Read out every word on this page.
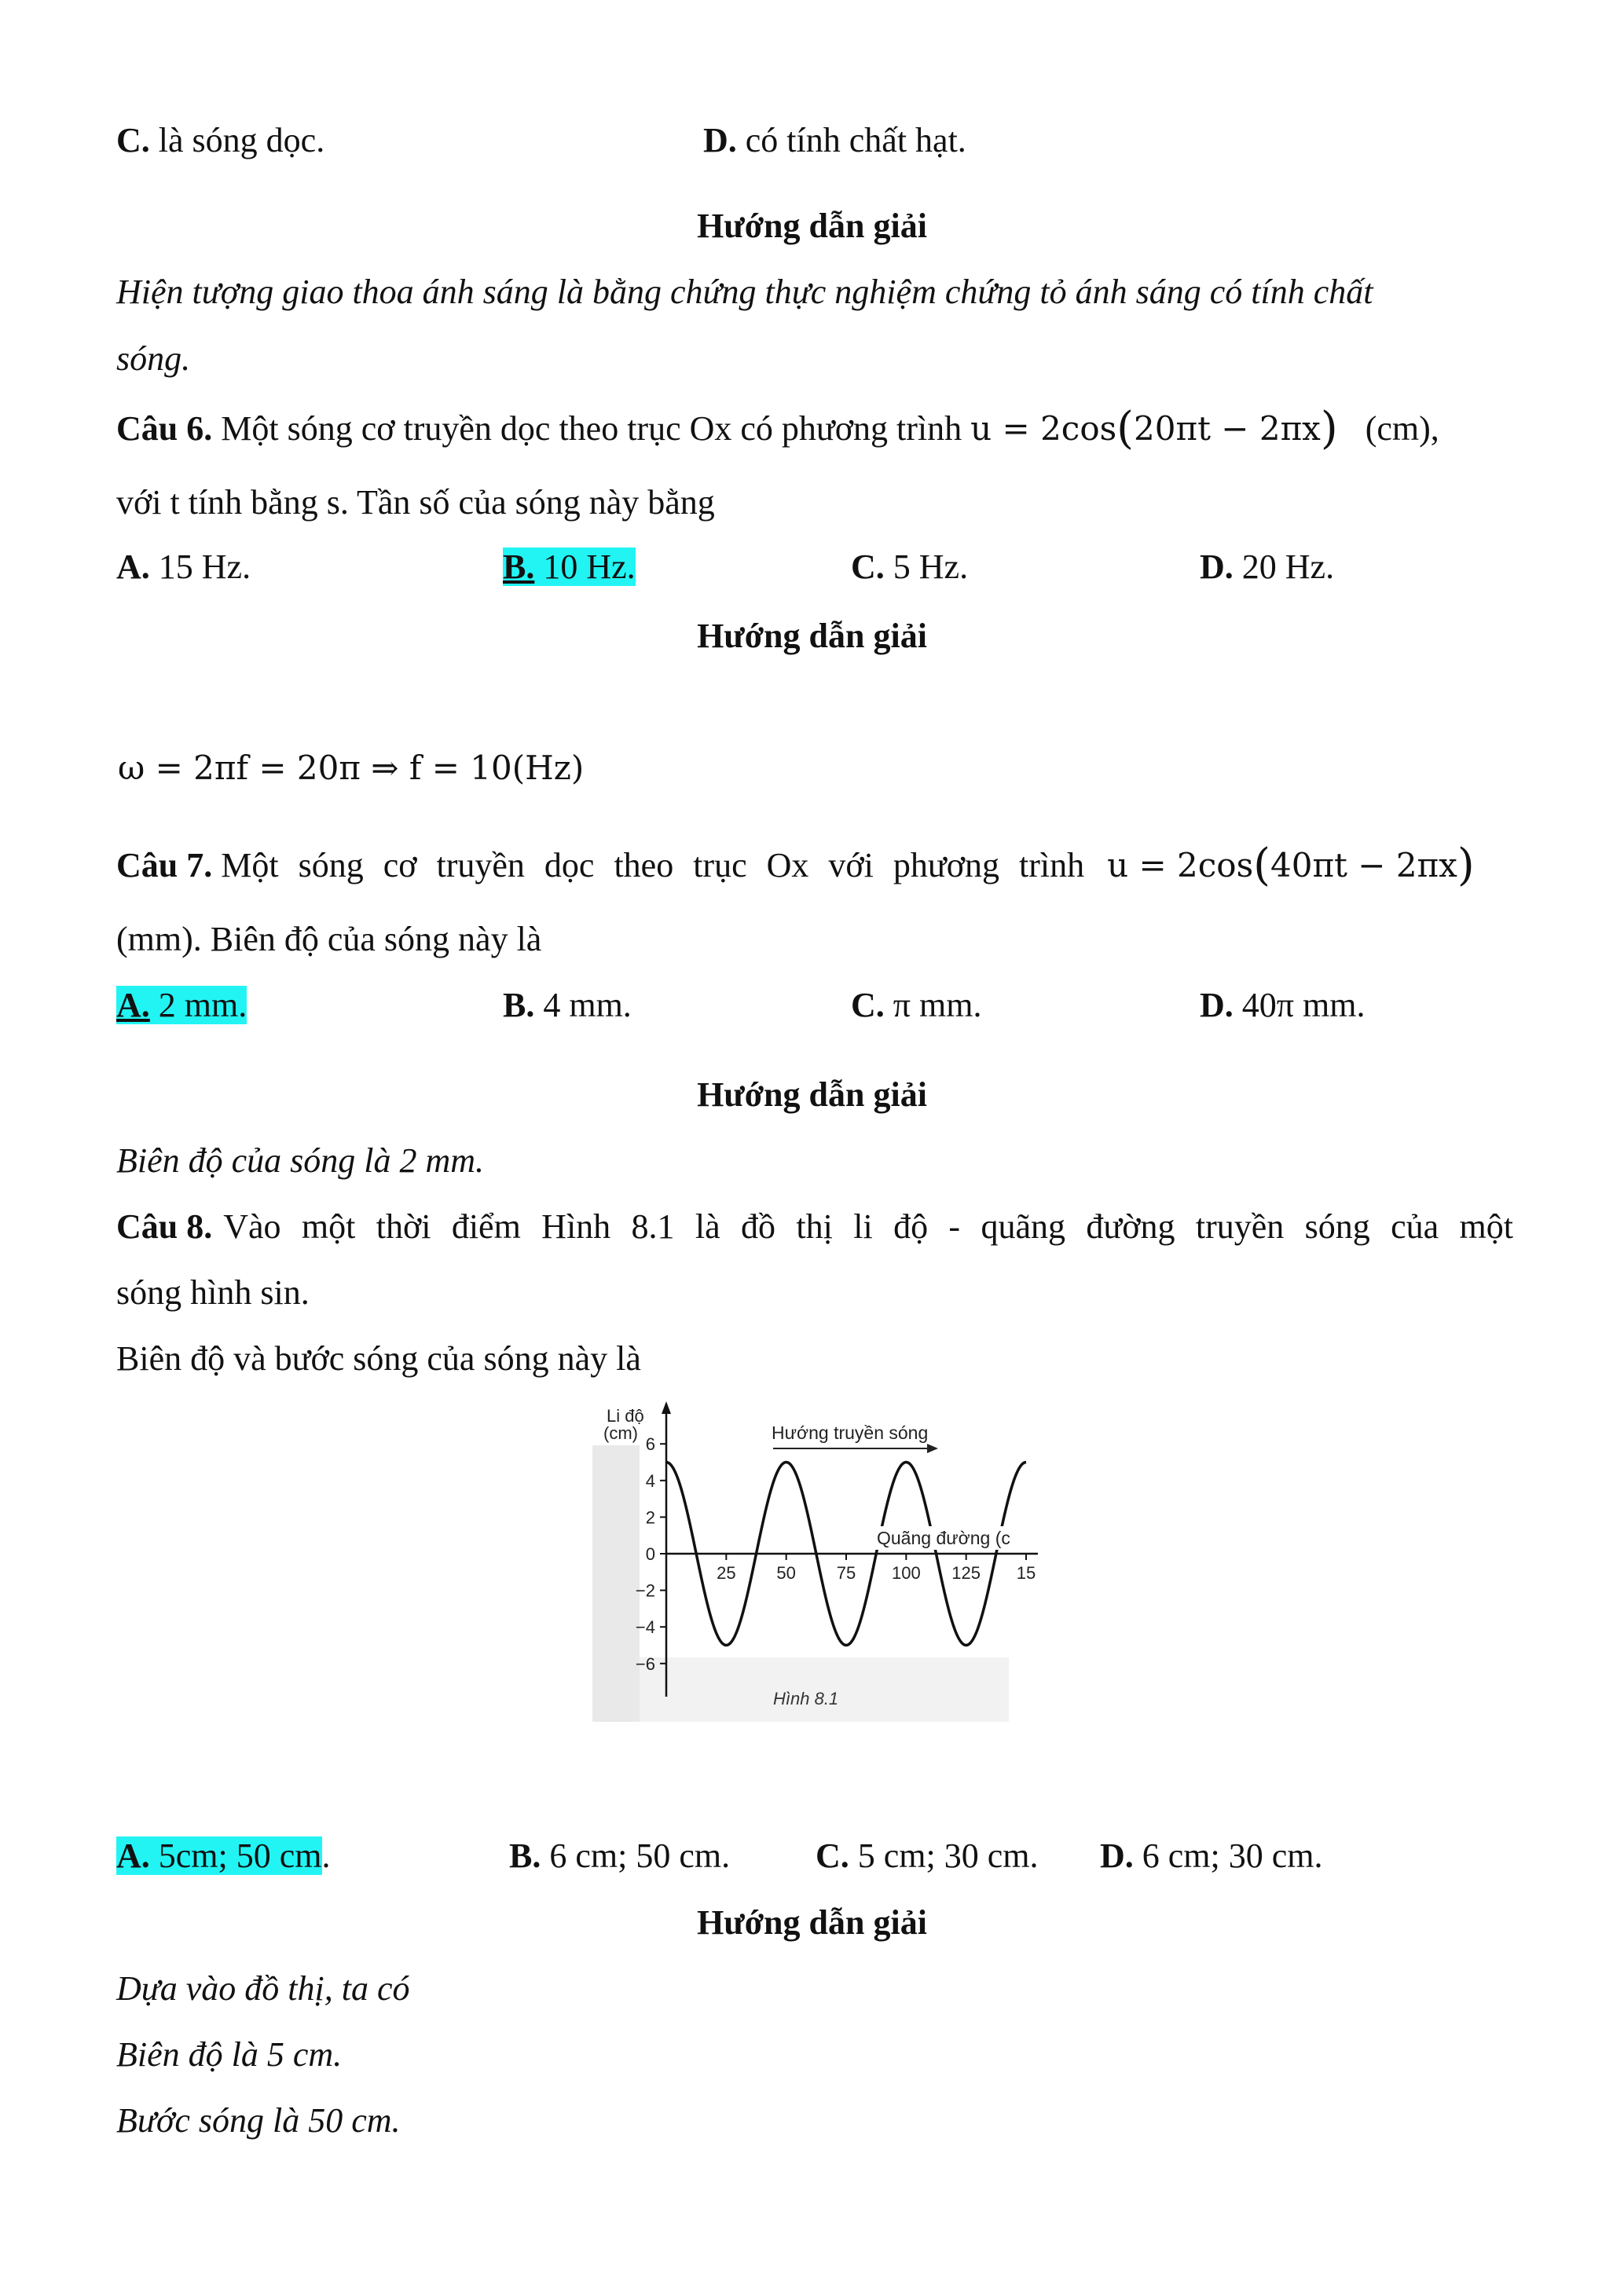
C. là sóng dọc.	D. có tính chất hạt.
Hướng dẫn giải
Hiện tượng giao thoa ánh sáng là bằng chứng thực nghiệm chứng tỏ ánh sáng có tính chất
sóng.
Câu 6. Một sóng cơ truyền dọc theo trục Ox có phương trình u = 2cos(20πt − 2πx) (cm),
với t tính bằng s. Tần số của sóng này bằng
A. 15 Hz.	B. 10 Hz.	C. 5 Hz.	D. 20 Hz.
Hướng dẫn giải
ω = 2πf = 20π ⇒ f = 10(Hz)
Câu 7. Một sóng cơ truyền dọc theo trục Ox với phương trình u = 2cos(40πt − 2πx)
(mm). Biên độ của sóng này là
A. 2 mm.	B. 4 mm.	C. π mm.	D. 40π mm.
Hướng dẫn giải
Biên độ của sóng là 2 mm.
Câu 8. Vào một thời điểm Hình 8.1 là đồ thị li độ - quãng đường truyền sóng của một
sóng hình sin.
Biên độ và bước sóng của sóng này là
6
4
2
0
−2
−4
−6
25 50 75 100 125 15
Li độ
(cm)	Hướng truyền sóng
Quãng đường (c
Hình 8.1
A. 5cm; 50 cm.	B. 6 cm; 50 cm. C. 5 cm; 30 cm. D. 6 cm; 30 cm.
Hướng dẫn giải
Dựa vào đồ thị, ta có
Biên độ là 5 cm.
Bước sóng là 50 cm.
